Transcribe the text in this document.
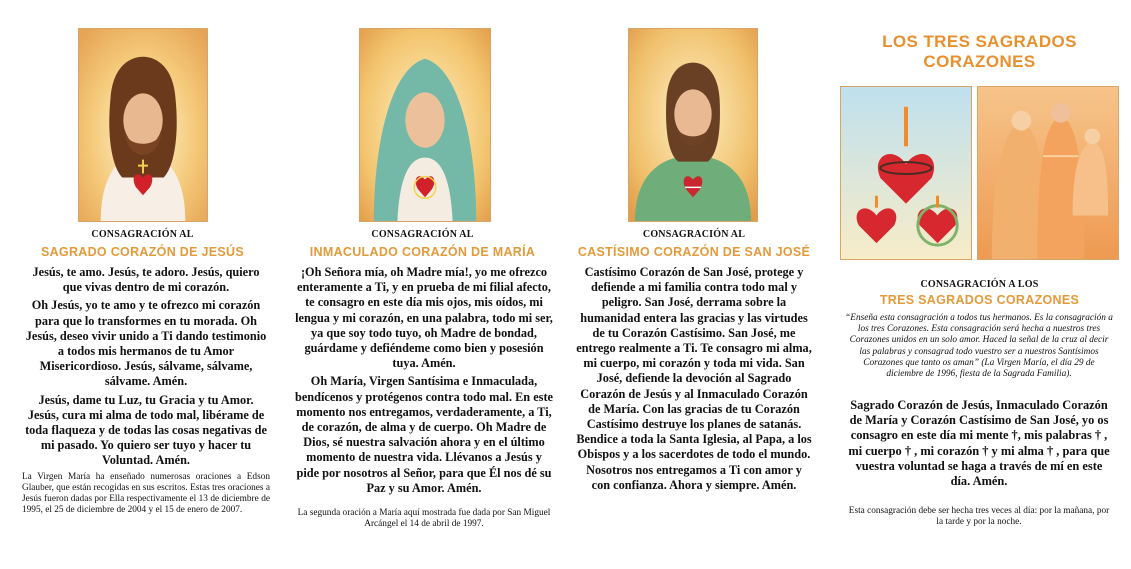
CONSAGRACIÓN AL
SAGRADO CORAZÓN DE JESÚS

Jesús, te amo. Jesús, te adoro. Jesús, quiero que vivas dentro de mi corazón.

Oh Jesús, yo te amo y te ofrezco mi corazón para que lo transformes en tu morada. Oh Jesús, deseo vivir unido a Ti dando testimonio a todos mis hermanos de tu Amor Misericordioso. Jesús, sálvame, sálvame, sálvame. Amén.

Jesús, dame tu Luz, tu Gracia y tu Amor. Jesús, cura mi alma de todo mal, libérame de toda flaqueza y de todas las cosas negativas de mi pasado. Yo quiero ser tuyo y hacer tu Voluntad. Amén.

La Virgen María ha enseñado numerosas oraciones a Edson Glauber, que están recogidas en sus escritos. Estas tres oraciones a Jesús fueron dadas por Ella respectivamente el 13 de diciembre de 1995, el 25 de diciembre de 2004 y el 15 de enero de 2007.
CONSAGRACIÓN AL
INMACULADO CORAZÓN DE MARÍA

¡Oh Señora mía, oh Madre mía!, yo me ofrezco enteramente a Ti, y en prueba de mi filial afecto, te consagro en este día mis ojos, mis oídos, mi lengua y mi corazón, en una palabra, todo mi ser, ya que soy todo tuyo, oh Madre de bondad, guárdame y defiéndeme como bien y posesión tuya. Amén.

Oh María, Virgen Santísima e Inmaculada, bendícenos y protégenos contra todo mal. En este momento nos entregamos, verdaderamente, a Ti, de corazón, de alma y de cuerpo. Oh Madre de Dios, sé nuestra salvación ahora y en el último momento de nuestra vida. Llévanos a Jesús y pide por nosotros al Señor, para que Él nos dé su Paz y su Amor. Amén.

La segunda oración a María aquí mostrada fue dada por San Miguel Arcángel el 14 de abril de 1997.
CONSAGRACIÓN AL
CASTÍSIMO CORAZÓN DE SAN JOSÉ

Castísimo Corazón de San José, protege y defiende a mi familia contra todo mal y peligro. San José, derrama sobre la humanidad entera las gracias y las virtudes de tu Corazón Castísimo. San José, me entrego realmente a Ti. Te consagro mi alma, mi cuerpo, mi corazón y toda mi vida. San José, defiende la devoción al Sagrado Corazón de Jesús y al Inmaculado Corazón de María. Con las gracias de tu Corazón Castísimo destruye los planes de satanás. Bendice a toda la Santa Iglesia, al Papa, a los Obispos y a los sacerdotes de todo el mundo. Nosotros nos entregamos a Ti con amor y con confianza. Ahora y siempre. Amén.

LOS TRES SAGRADOS
CORAZONES
CONSAGRACIÓN A LOS
TRES SAGRADOS CORAZONES
“Enseña esta consagración a todos tus hermanos. Es la consagración a los tres Corazones. Esta consagración será hecha a nuestros tres Corazones unidos en un solo amor. Haced la señal de la cruz al decir las palabras y consagrad todo vuestro ser a nuestros Santísimos Corazones que tanto os aman” (La Virgen María, el día 29 de diciembre de 1996, fiesta de la Sagrada Familia).

Sagrado Corazón de Jesús, Inmaculado Corazón de María y Corazón Castísimo de San José, yo os consagro en este día mi mente †, mis palabras † , mi cuerpo † , mi corazón † y mi alma † , para que vuestra voluntad se haga a través de mí en este día. Amén.

Esta consagración debe ser hecha tres veces al día: por la mañana, por la tarde y por la noche.
